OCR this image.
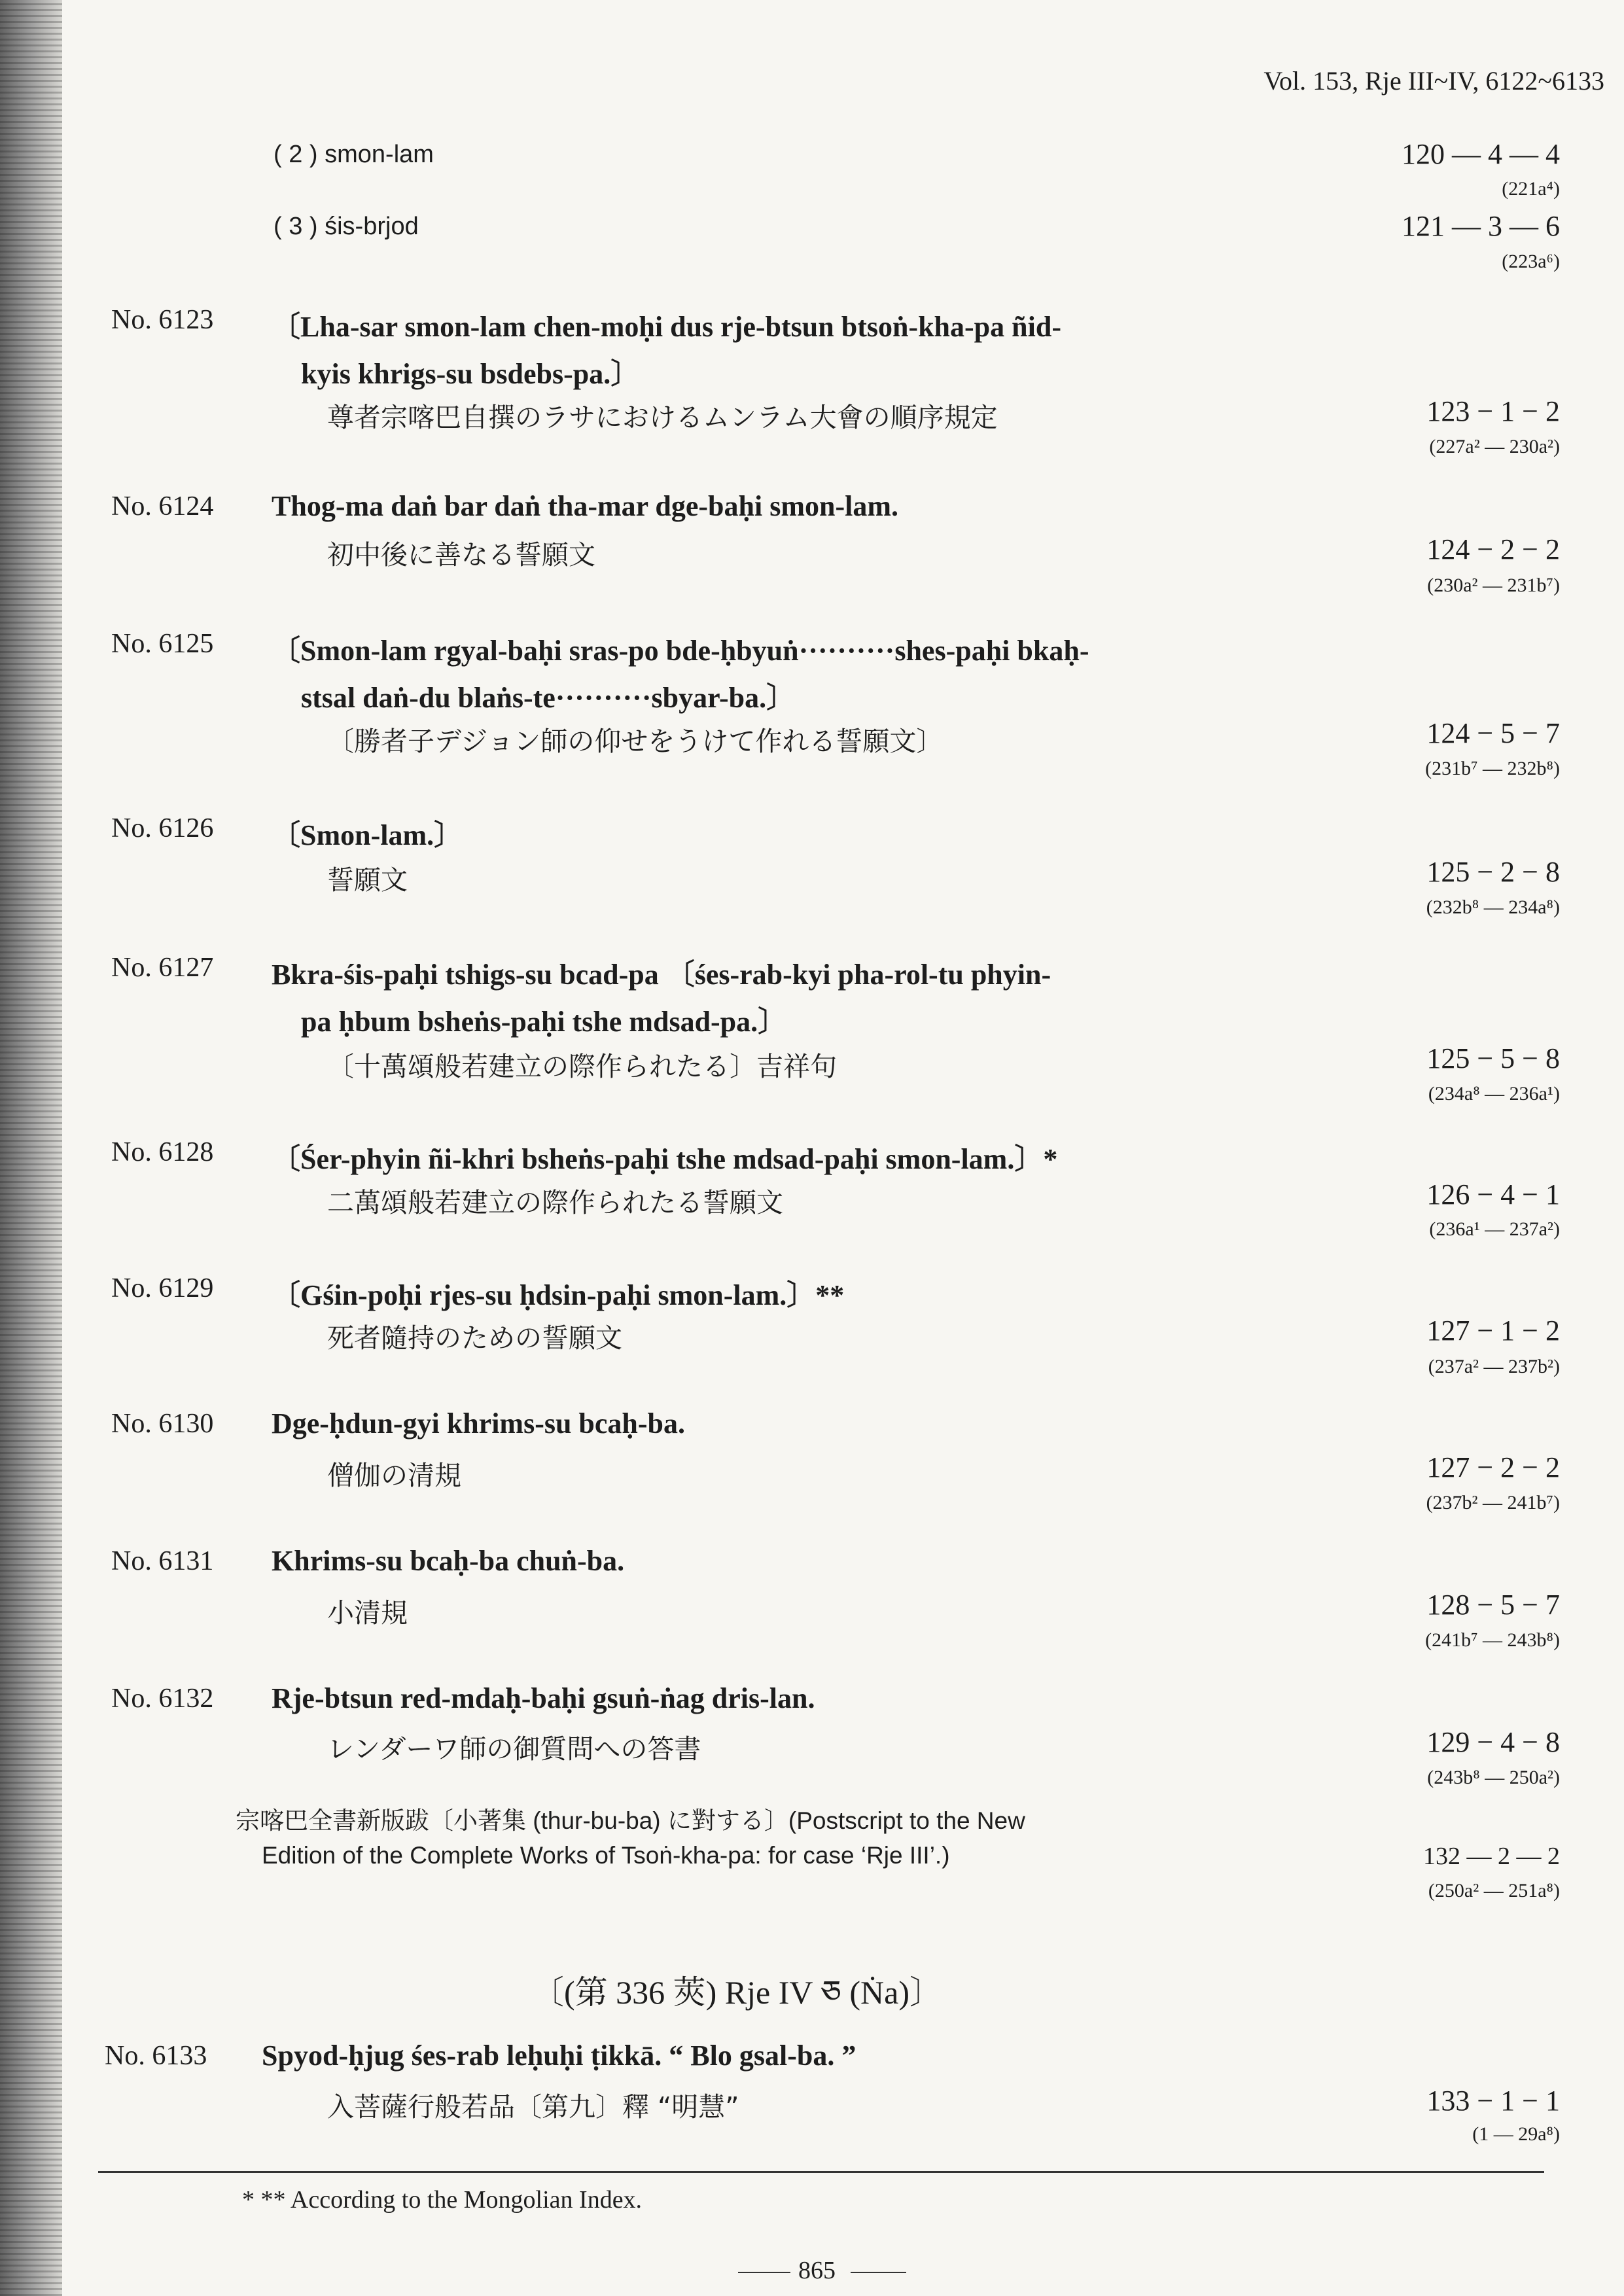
Vol. 153, Rje III~IV, 6122~6133
( 2 ) smon-lam	120 — 4 — 4
(221a⁴)
( 3 ) śis-brjod	121 — 3 — 6
(223a⁶)
No. 6123 〔Lha-sar smon-lam chen-moḥi dus rje-btsun btsoṅ-kha-pa ñid-
kyis khrigs-su bsdebs-pa.〕
尊者宗喀巴自撰のラサにおけるムンラム大會の順序規定	123 − 1 − 2
(227a² — 230a²)
No. 6124 Thog-ma daṅ bar daṅ tha-mar dge-baḥi smon-lam.
初中後に善なる誓願文	124 − 2 − 2
(230a² — 231b⁷)
No. 6125 〔Smon-lam rgyal-baḥi sras-po bde-ḥbyuṅ··········shes-paḥi bkaḥ-
stsal daṅ-du blaṅs-te··········sbyar-ba.〕
〔勝者子デジョン師の仰せをうけて作れる誓願文〕	124 − 5 − 7
(231b⁷ — 232b⁸)
No. 6126 〔Smon-lam.〕
誓願文	125 − 2 − 8
(232b⁸ — 234a⁸)
No. 6127 Bkra-śis-paḥi tshigs-su bcad-pa 〔śes-rab-kyi pha-rol-tu phyin-
pa ḥbum bsheṅs-paḥi tshe mdsad-pa.〕
〔十萬頌般若建立の際作られたる〕吉祥句	125 − 5 − 8
(234a⁸ — 236a¹)
No. 6128 〔Śer-phyin ñi-khri bsheṅs-paḥi tshe mdsad-paḥi smon-lam.〕*
二萬頌般若建立の際作られたる誓願文	126 − 4 − 1
(236a¹ — 237a²)
No. 6129 〔Gśin-poḥi rjes-su ḥdsin-paḥi smon-lam.〕**
死者隨持のための誓願文	127 − 1 − 2
(237a² — 237b²)
No. 6130 Dge-ḥdun-gyi khrims-su bcaḥ-ba.
僧伽の清規	127 − 2 − 2
(237b² — 241b⁷)
No. 6131 Khrims-su bcaḥ-ba chuṅ-ba.
小清規	128 − 5 − 7
(241b⁷ — 243b⁸)
No. 6132 Rje-btsun red-mdaḥ-baḥi gsuṅ-ṅag dris-lan.
レンダーワ師の御質問への答書	129 − 4 − 8
(243b⁸ — 250a²)
宗喀巴全書新版跋〔小著集 (thur-bu-ba) に對する〕(Postscript to the New
Edition of the Complete Works of Tsoṅ-kha-pa: for case ‘Rje III’.)	132 — 2 — 2
(250a² — 251a⁸)
〔(第 336 莢) Rje IV ཅ (Ṅa)〕
No. 6133 Spyod-ḥjug śes-rab leḥuḥi ṭikkā. “ Blo gsal-ba. ”
入菩薩行般若品〔第九〕釋 “明慧”	133 − 1 − 1
(1 — 29a⁸)
* ** According to the Mongolian Index.
865
